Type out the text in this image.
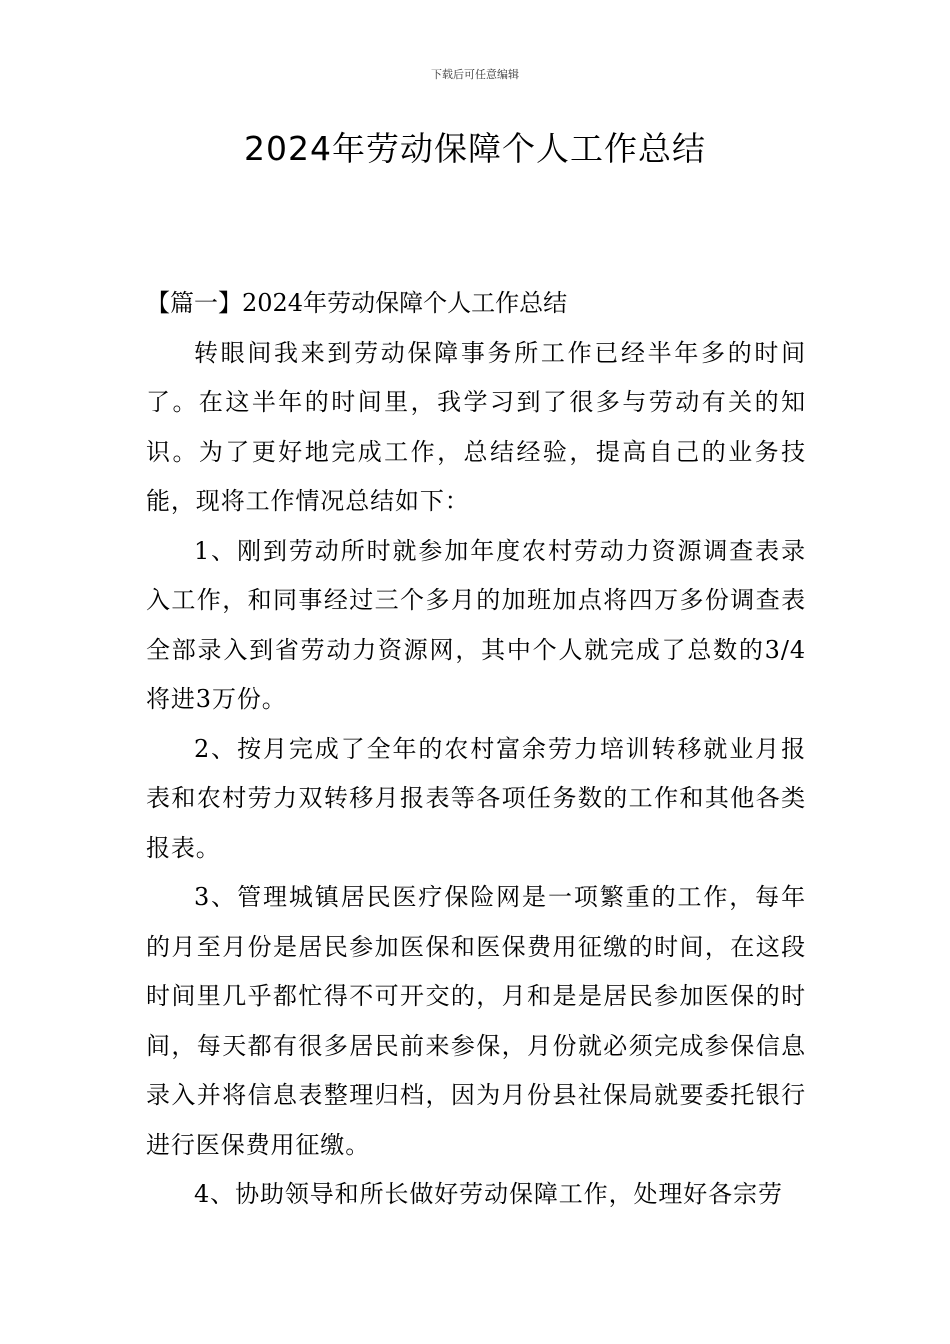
下载后可任意编辑
2024年劳动保障个人工作总结

【篇一】2024年劳动保障个人工作总结

转眼间我来到劳动保障事务所工作已经半年多的时间了。在这半年的时间里，我学习到了很多与劳动有关的知识。为了更好地完成工作，总结经验，提高自己的业务技能，现将工作情况总结如下：

1、刚到劳动所时就参加年度农村劳动力资源调查表录入工作，和同事经过三个多月的加班加点将四万多份调查表全部录入到省劳动力资源网，其中个人就完成了总数的3/4将进3万份。

2、按月完成了全年的农村富余劳力培训转移就业月报表和农村劳力双转移月报表等各项任务数的工作和其他各类报表。

3、管理城镇居民医疗保险网是一项繁重的工作，每年的月至月份是居民参加医保和医保费用征缴的时间，在这段时间里几乎都忙得不可开交的，月和是是居民参加医保的时间，每天都有很多居民前来参保，月份就必须完成参保信息录入并将信息表整理归档，因为月份县社保局就要委托银行进行医保费用征缴。

4、协助领导和所长做好劳动保障工作，处理好各宗劳
